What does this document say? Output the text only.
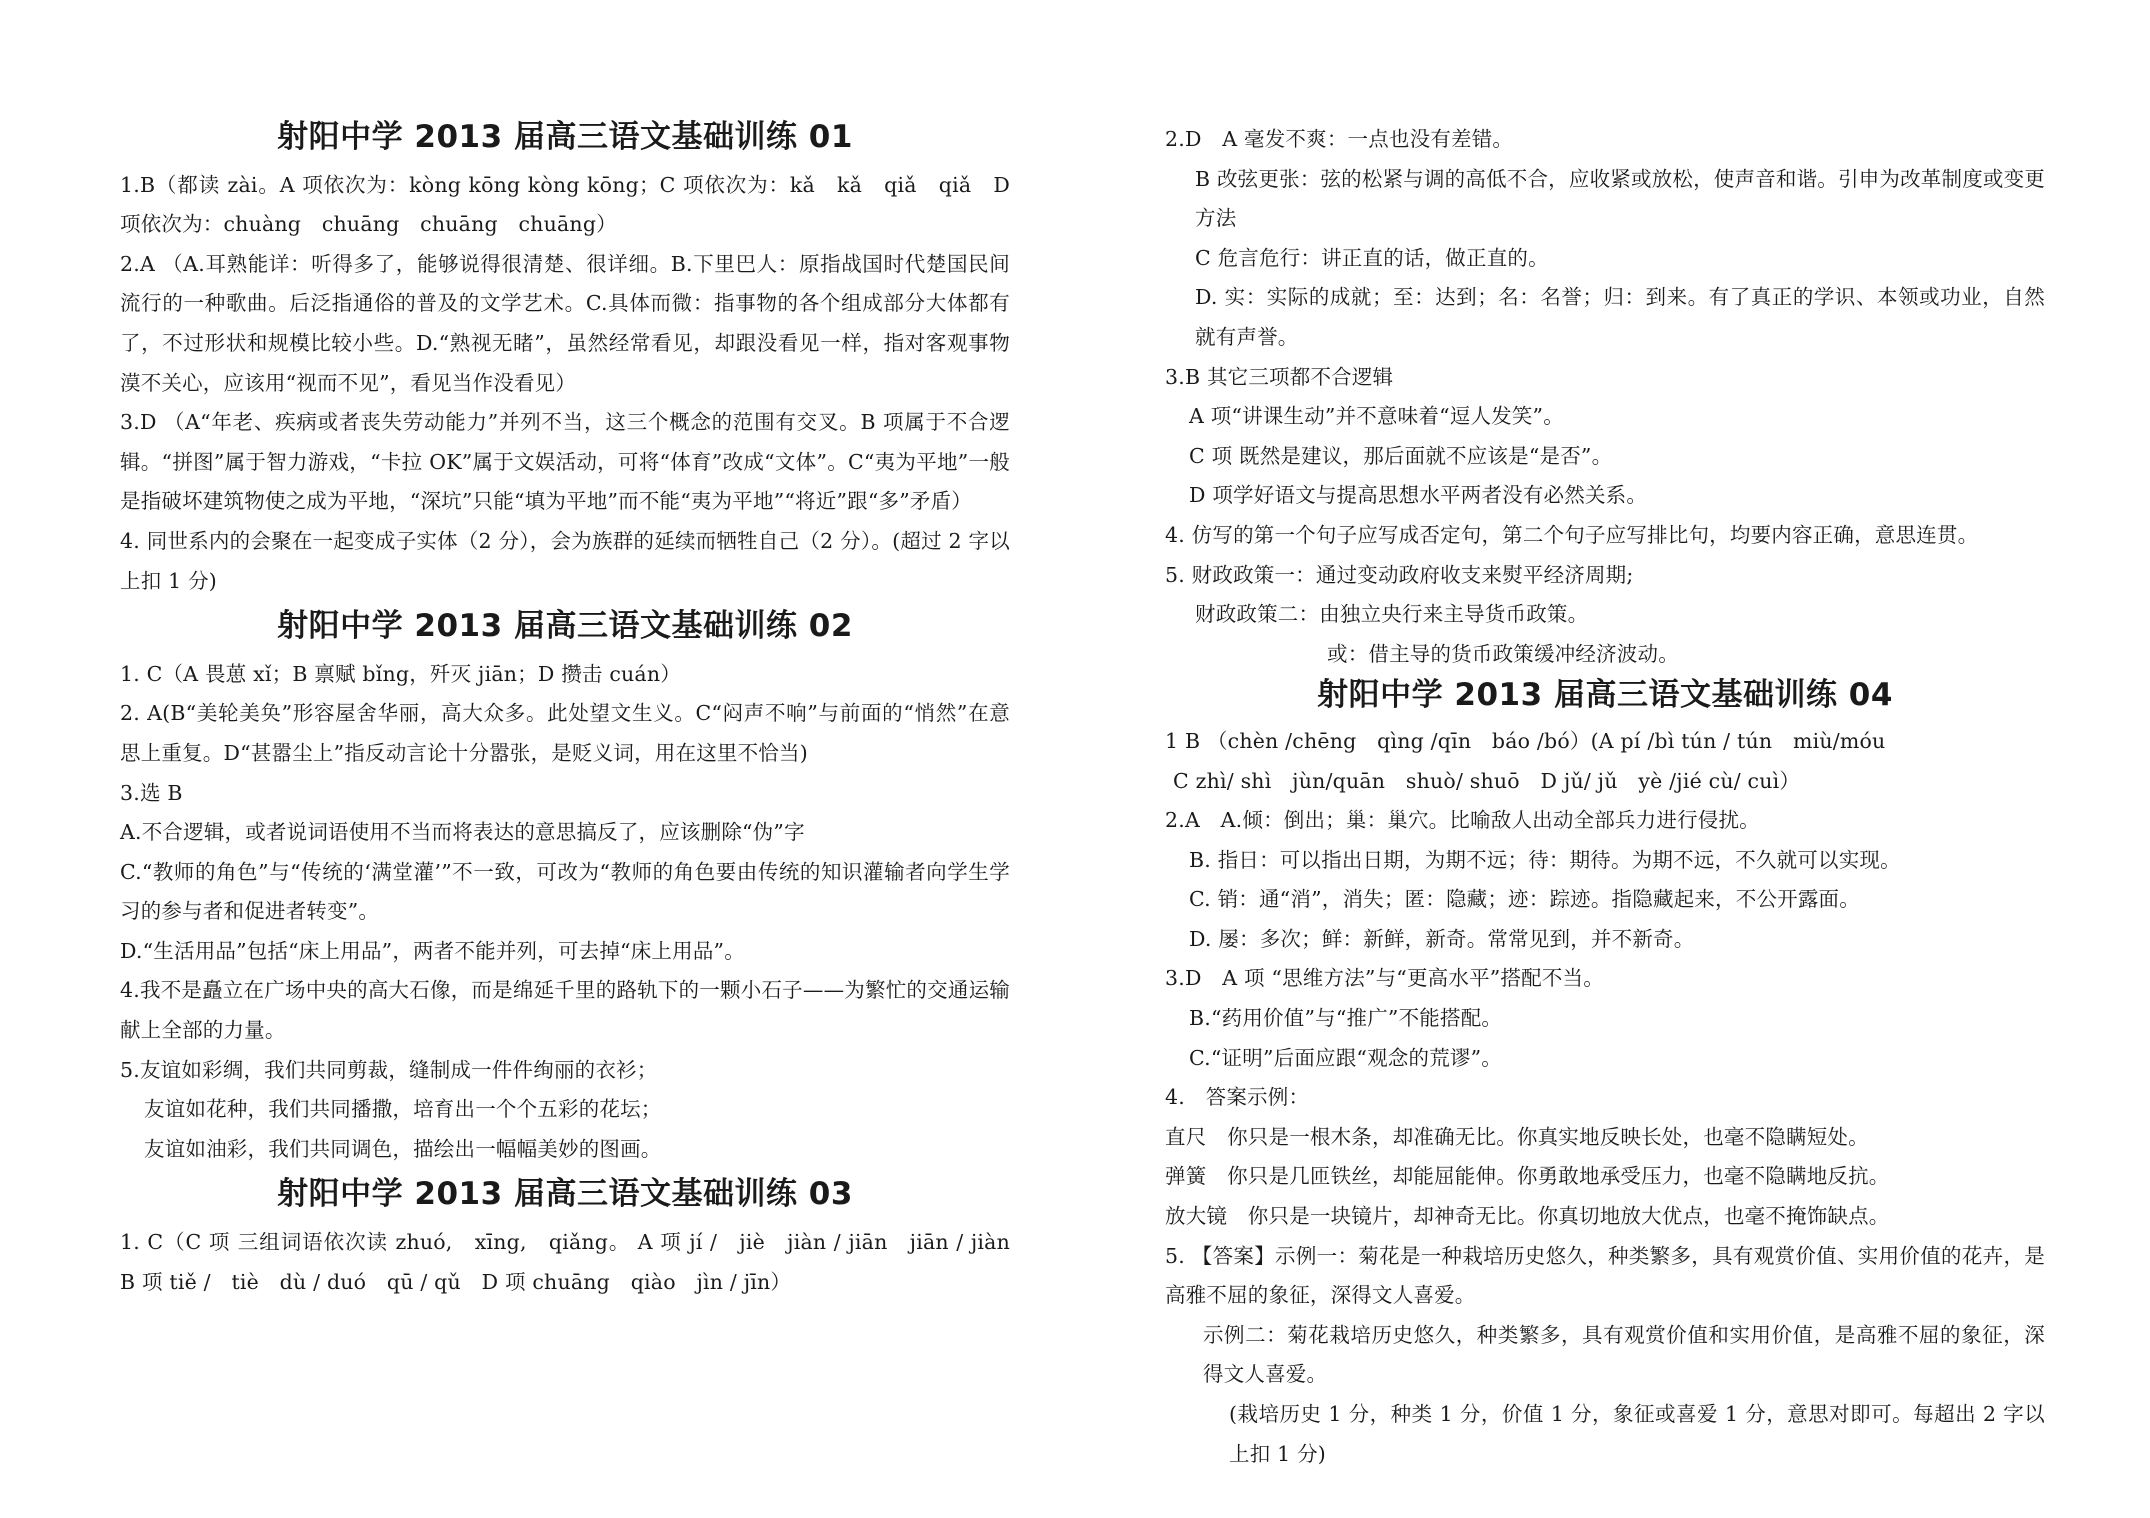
射阳中学 2013 届高三语文基础训练 01

1.B（都读 zài。A 项依次为：kòng kōng kòng kōng；C 项依次为：kǎ　kǎ　qiǎ　qiǎ　D 项依次为：chuàng　chuāng　chuāng　chuāng）

2.A （A.耳熟能详：听得多了，能够说得很清楚、很详细。B.下里巴人：原指战国时代楚国民间流行的一种歌曲。后泛指通俗的普及的文学艺术。C.具体而微：指事物的各个组成部分大体都有了，不过形状和规模比较小些。D.“熟视无睹”，虽然经常看见，却跟没看见一样，指对客观事物漠不关心，应该用“视而不见”，看见当作没看见）

3.D （A“年老、疾病或者丧失劳动能力”并列不当，这三个概念的范围有交叉。B 项属于不合逻辑。“拼图”属于智力游戏，“卡拉 OK”属于文娱活动，可将“体育”改成“文体”。C“夷为平地”一般是指破坏建筑物使之成为平地，“深坑”只能“填为平地”而不能“夷为平地”“将近”跟“多”矛盾）

4. 同世系内的会聚在一起变成子实体（2 分），会为族群的延续而牺牲自己（2 分）。(超过 2 字以上扣 1 分)

射阳中学 2013 届高三语文基础训练 02

1. C（A 畏葸 xǐ；B 禀赋 bǐng，歼灭 jiān；D 攒击 cuán）

2. A(B“美轮美奂”形容屋舍华丽，高大众多。此处望文生义。C“闷声不响”与前面的“悄然”在意思上重复。D“甚嚣尘上”指反动言论十分嚣张，是贬义词，用在这里不恰当)

3.选 B

A.不合逻辑，或者说词语使用不当而将表达的意思搞反了，应该删除“伪”字

C.“教师的角色”与“传统的‘满堂灌’”不一致，可改为“教师的角色要由传统的知识灌输者向学生学习的参与者和促进者转变”。

D.“生活用品”包括“床上用品”，两者不能并列，可去掉“床上用品”。

4.我不是矗立在广场中央的高大石像，而是绵延千里的路轨下的一颗小石子——为繁忙的交通运输献上全部的力量。

5.友谊如彩绸，我们共同剪裁，缝制成一件件绚丽的衣衫；

友谊如花种，我们共同播撒，培育出一个个五彩的花坛；

友谊如油彩，我们共同调色，描绘出一幅幅美妙的图画。

射阳中学 2013 届高三语文基础训练 03

1. C（C 项 三组词语依次读 zhuó,　xīng,　qiǎng。 A 项 jí /　jiè　jiàn / jiān　jiān / jiàn　B 项 tiě /　tiè　dù / duó　qū / qǔ　D 项 chuāng　qiào　jìn / jīn）

2.D　A 毫发不爽：一点也没有差错。

B 改弦更张：弦的松紧与调的高低不合，应收紧或放松，使声音和谐。引申为改革制度或变更方法

C 危言危行：讲正直的话，做正直的。

D. 实：实际的成就；至：达到；名：名誉；归：到来。有了真正的学识、本领或功业，自然就有声誉。

3.B 其它三项都不合逻辑

A 项“讲课生动”并不意味着“逗人发笑”。

C 项 既然是建议，那后面就不应该是“是否”。

D 项学好语文与提高思想水平两者没有必然关系。

4. 仿写的第一个句子应写成否定句，第二个句子应写排比句，均要内容正确，意思连贯。

5. 财政政策一：通过变动政府收支来熨平经济周期;

财政政策二：由独立央行来主导货币政策。

或：借主导的货币政策缓冲经济波动。

射阳中学 2013 届高三语文基础训练 04

1 B （chèn /chēng　qìng /qīn　báo /bó）(A pí /bì tún / tún　miù/móu

C zhì/ shì　jùn/quān　shuò/ shuō　D jǔ/ jǔ　yè /jié cù/ cuì）

2.A　A.倾：倒出；巢：巢穴。比喻敌人出动全部兵力进行侵扰。

B. 指日：可以指出日期，为期不远；待：期待。为期不远，不久就可以实现。

C. 销：通“消”，消失；匿：隐藏；迹：踪迹。指隐藏起来，不公开露面。

D. 屡：多次；鲜：新鲜，新奇。常常见到，并不新奇。

3.D　A 项 “思维方法”与“更高水平”搭配不当。

B.“药用价值”与“推广”不能搭配。

C.“证明”后面应跟“观念的荒谬”。

4.　答案示例：

直尺　你只是一根木条，却准确无比。你真实地反映长处，也毫不隐瞒短处。

弹簧　你只是几匝铁丝，却能屈能伸。你勇敢地承受压力，也毫不隐瞒地反抗。

放大镜　你只是一块镜片，却神奇无比。你真切地放大优点，也毫不掩饰缺点。

5. 【答案】示例一：菊花是一种栽培历史悠久，种类繁多，具有观赏价值、实用价值的花卉，是高雅不屈的象征，深得文人喜爱。

示例二：菊花栽培历史悠久，种类繁多，具有观赏价值和实用价值，是高雅不屈的象征，深得文人喜爱。

(栽培历史 1 分，种类 1 分，价值 1 分，象征或喜爱 1 分，意思对即可。每超出 2 字以上扣 1 分)
